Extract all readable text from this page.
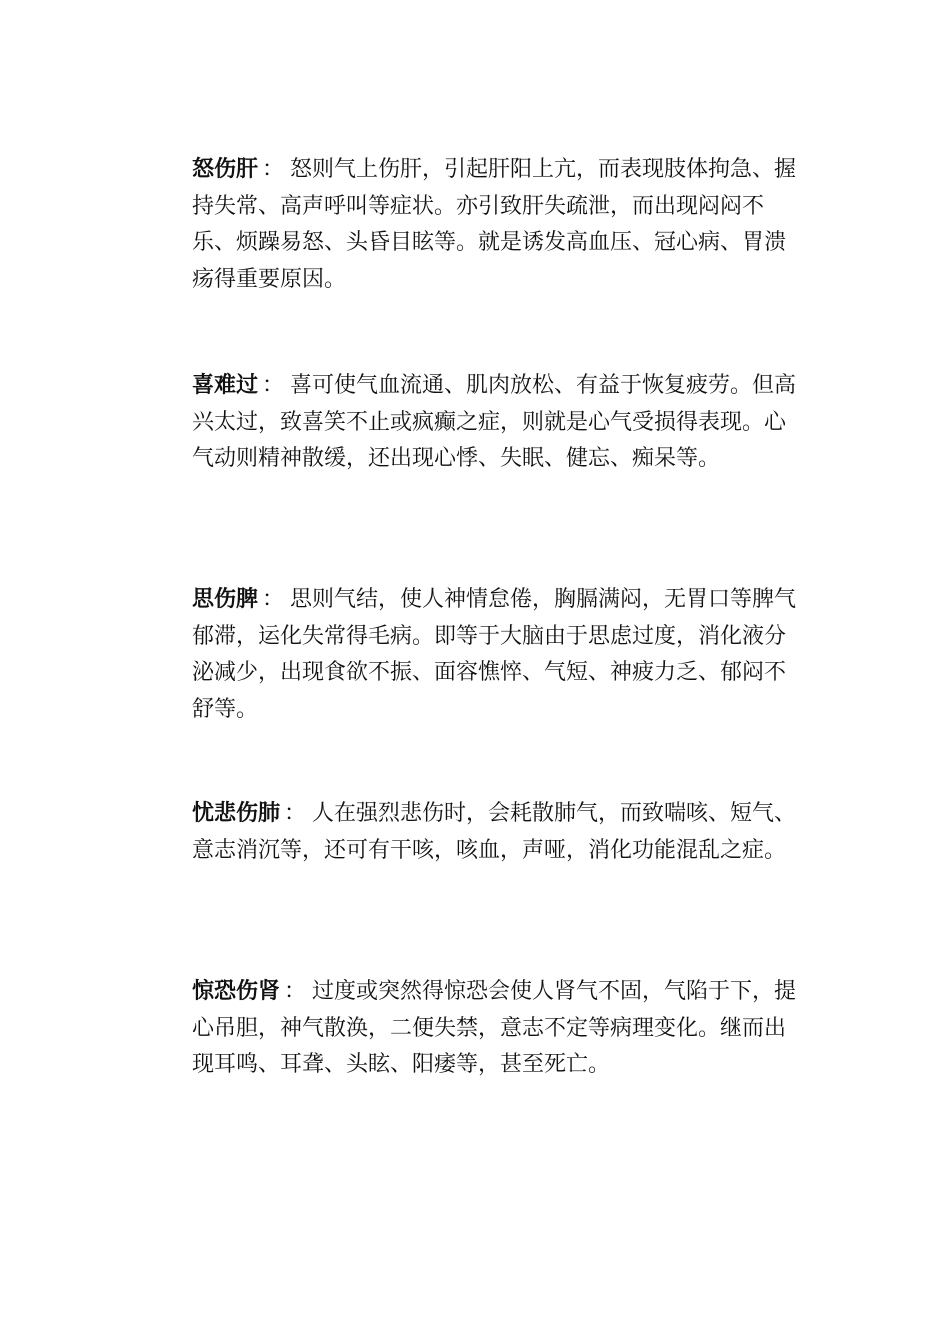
怒伤肝 ： 怒则气上伤肝，引起肝阳上亢，而表现肢体拘急、握持失常、高声呼叫等症状。亦引致肝失疏泄，而出现闷闷不乐、烦躁易怒、头昏目眩等。就是诱发高血压、冠心病、胃溃疡得重要原因。

喜难过 ： 喜可使气血流通、肌肉放松、有益于恢复疲劳。但高兴太过，致喜笑不止或疯癫之症，则就是心气受损得表现。心气动则精神散缓，还出现心悸、失眠、健忘、痴呆等。

思伤脾 ： 思则气结，使人神情怠倦，胸膈满闷，无胃口等脾气郁滞，运化失常得毛病。即等于大脑由于思虑过度，消化液分泌减少，出现食欲不振、面容憔悴、气短、神疲力乏、郁闷不舒等。

忧悲伤肺 ： 人在强烈悲伤时，会耗散肺气，而致喘咳、短气、意志消沉等，还可有干咳，咳血，声哑，消化功能混乱之症。

惊恐伤肾 ： 过度或突然得惊恐会使人肾气不固，气陷于下，提心吊胆，神气散涣，二便失禁，意志不定等病理变化。继而出现耳鸣、耳聋、头眩、阳痿等，甚至死亡。
